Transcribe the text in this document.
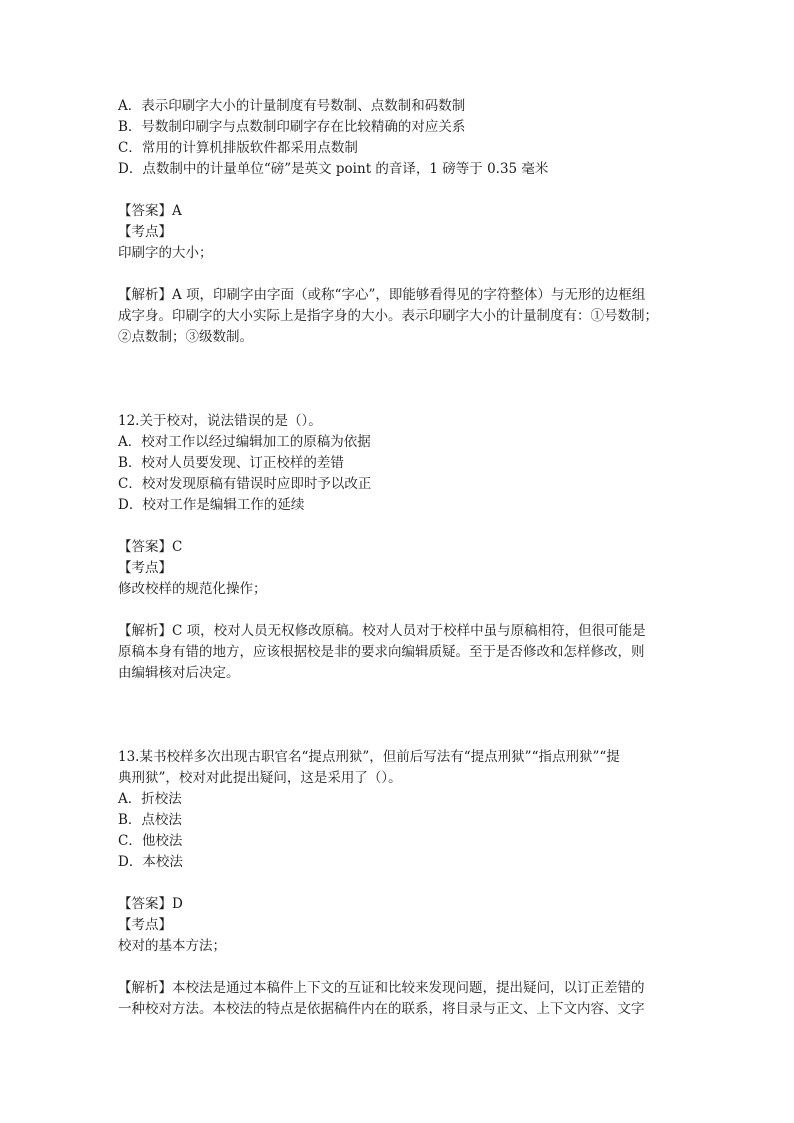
A．表示印刷字大小的计量制度有号数制、点数制和码数制
B．号数制印刷字与点数制印刷字存在比较精确的对应关系
C．常用的计算机排版软件都采用点数制
D．点数制中的计量单位“磅”是英文 point 的音译，1 磅等于 0.35 毫米
【答案】A
【考点】
印刷字的大小；
【解析】A 项，印刷字由字面（或称“字心”，即能够看得见的字符整体）与无形的边框组
成字身。印刷字的大小实际上是指字身的大小。表示印刷字大小的计量制度有：①号数制；
②点数制；③级数制。
12.关于校对，说法错误的是（）。
A．校对工作以经过编辑加工的原稿为依据
B．校对人员要发现、订正校样的差错
C．校对发现原稿有错误时应即时予以改正
D．校对工作是编辑工作的延续
【答案】C
【考点】
修改校样的规范化操作；
【解析】C 项，校对人员无权修改原稿。校对人员对于校样中虽与原稿相符，但很可能是
原稿本身有错的地方，应该根据校是非的要求向编辑质疑。至于是否修改和怎样修改，则
由编辑核对后决定。
13.某书校样多次出现古职官名“提点刑狱”，但前后写法有“提点刑狱”“指点刑狱”“提
典刑狱”，校对对此提出疑问，这是采用了（）。
A．折校法
B．点校法
C．他校法
D．本校法
【答案】D
【考点】
校对的基本方法；
【解析】本校法是通过本稿件上下文的互证和比较来发现问题，提出疑问，以订正差错的
一种校对方法。本校法的特点是依据稿件内在的联系，将目录与正文、上下文内容、文字
